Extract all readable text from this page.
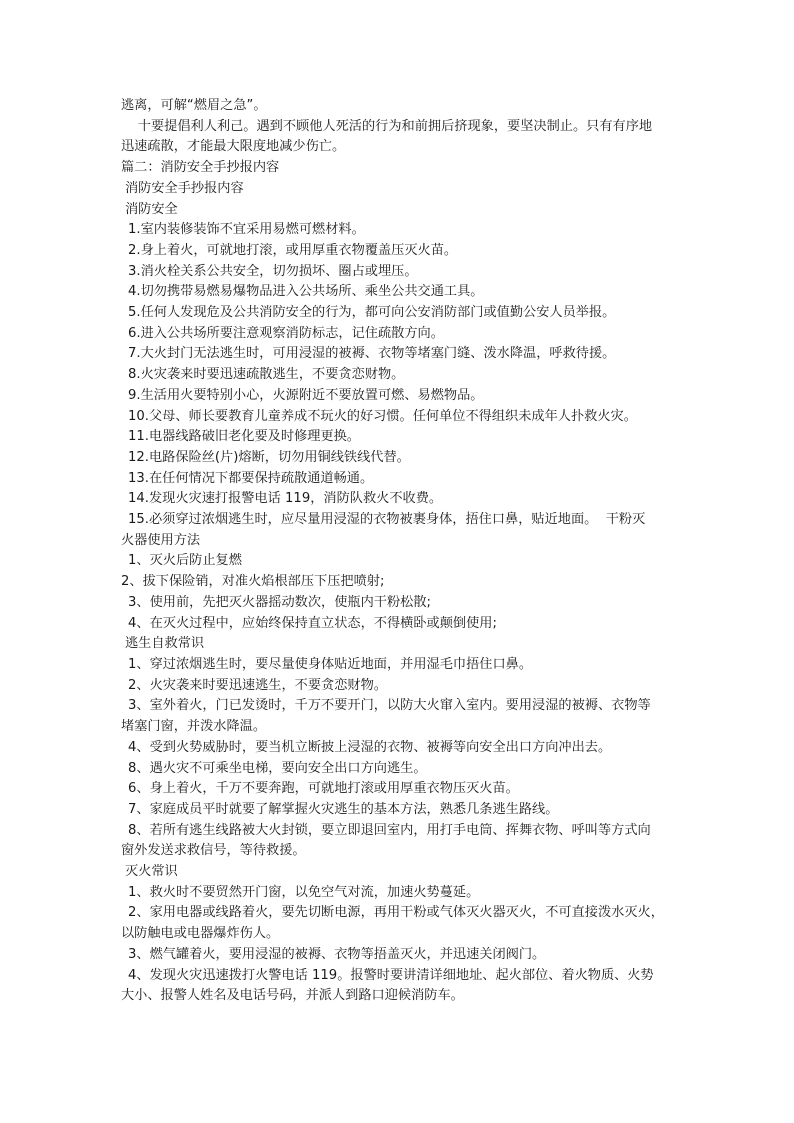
逃离，可解“燃眉之急”。

十要提倡利人利己。遇到不顾他人死活的行为和前拥后挤现象，要坚决制止。只有有序地

迅速疏散，才能最大限度地减少伤亡。

篇二：消防安全手抄报内容

消防安全手抄报内容

消防安全

1.室内装修装饰不宜采用易燃可燃材料。

2.身上着火，可就地打滚，或用厚重衣物覆盖压灭火苗。

3.消火栓关系公共安全，切勿损坏、圈占或埋压。

4.切勿携带易燃易爆物品进入公共场所、乘坐公共交通工具。

5.任何人发现危及公共消防安全的行为，都可向公安消防部门或值勤公安人员举报。

6.进入公共场所要注意观察消防标志，记住疏散方向。

7.大火封门无法逃生时，可用浸湿的被褥、衣物等堵塞门缝、泼水降温，呼救待援。

8.火灾袭来时要迅速疏散逃生，不要贪恋财物。

9.生活用火要特别小心，火源附近不要放置可燃、易燃物品。

10.父母、师长要教育儿童养成不玩火的好习惯。任何单位不得组织未成年人扑救火灾。

11.电器线路破旧老化要及时修理更换。

12.电路保险丝(片)熔断，切勿用铜线铁线代替。

13.在任何情况下都要保持疏散通道畅通。

14.发现火灾速打报警电话 119，消防队救火不收费。

15.必须穿过浓烟逃生时，应尽量用浸湿的衣物被裹身体，捂住口鼻，贴近地面。  干粉灭

火器使用方法

1、灭火后防止复燃

2、拔下保险销，对准火焰根部压下压把喷射;

3、使用前，先把灭火器摇动数次，使瓶内干粉松散;

4、在灭火过程中，应始终保持直立状态，不得横卧或颠倒使用;

逃生自救常识

1、穿过浓烟逃生时，要尽量使身体贴近地面，并用湿毛巾捂住口鼻。

2、火灾袭来时要迅速逃生，不要贪恋财物。

3、室外着火，门已发烫时，千万不要开门，以防大火窜入室内。要用浸湿的被褥、衣物等

堵塞门窗，并泼水降温。

4、受到火势威胁时，要当机立断披上浸湿的衣物、被褥等向安全出口方向冲出去。

8、遇火灾不可乘坐电梯，要向安全出口方向逃生。

6、身上着火，千万不要奔跑，可就地打滚或用厚重衣物压灭火苗。

7、家庭成员平时就要了解掌握火灾逃生的基本方法，熟悉几条逃生路线。

8、若所有逃生线路被大火封锁，要立即退回室内，用打手电筒、挥舞衣物、呼叫等方式向

窗外发送求救信号，等待救援。

灭火常识

1、救火时不要贸然开门窗，以免空气对流，加速火势蔓延。

2、家用电器或线路着火，要先切断电源，再用干粉或气体灭火器灭火，不可直接泼水灭火，

以防触电或电器爆炸伤人。

3、燃气罐着火，要用浸湿的被褥、衣物等捂盖灭火，并迅速关闭阀门。

4、发现火灾迅速拨打火警电话 119。报警时要讲清详细地址、起火部位、着火物质、火势

大小、报警人姓名及电话号码，并派人到路口迎候消防车。
